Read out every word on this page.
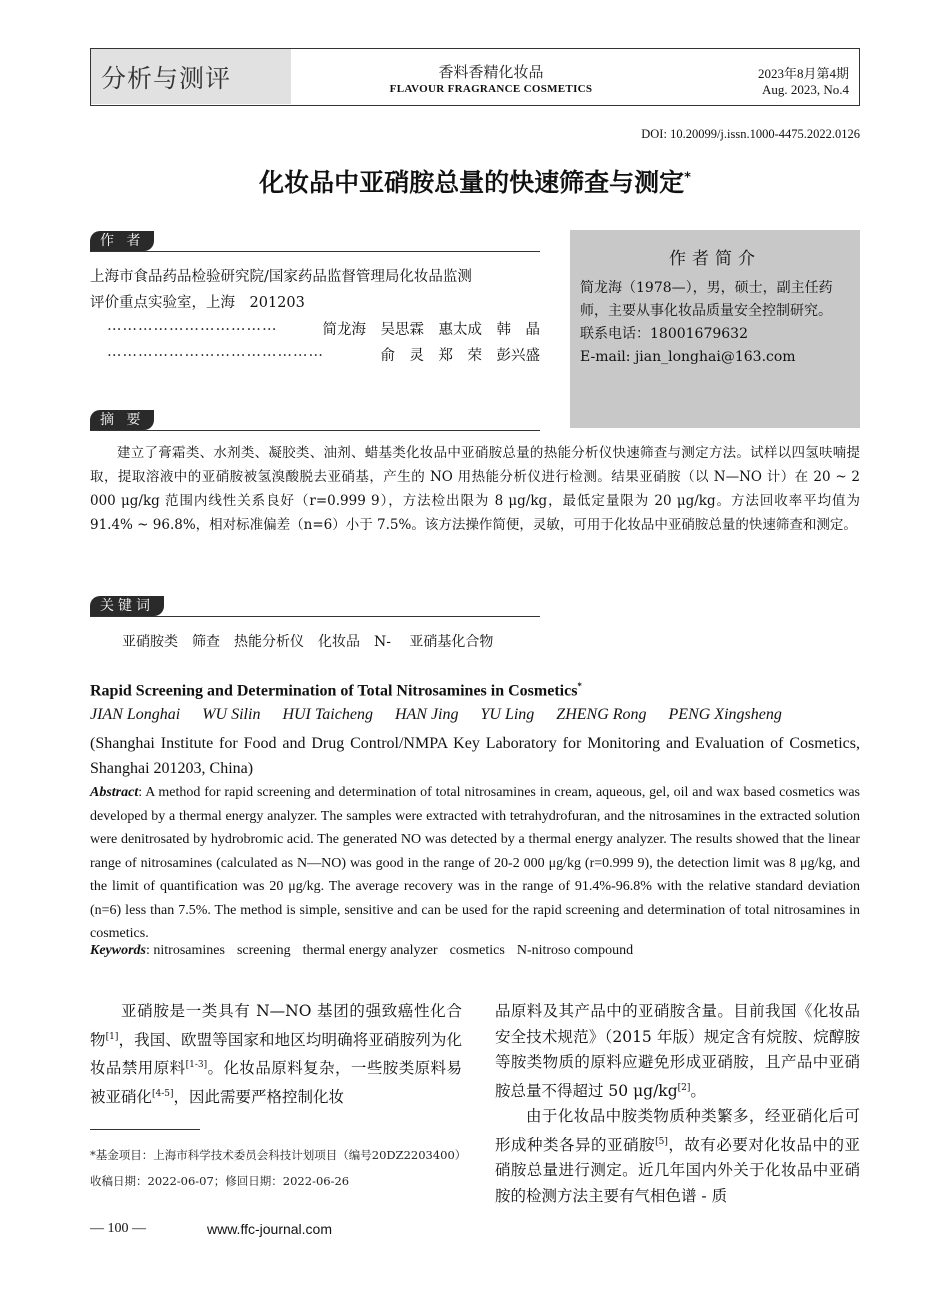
分析与测评	香料香精化妆品
FLAVOUR FRAGRANCE COSMETICS
2023年8月第4期
Aug. 2023, No.4
DOI: 10.20099/j.issn.1000-4475.2022.0126
化妆品中亚硝胺总量的快速筛查与测定*
作 者

上海市食品药品检验研究院/国家药品监督管理局化妆品监测

评价重点实验室，上海　201203

……………………………	简龙海　吴思霖　惠太成　韩　晶
……………………………………	俞　灵　郑　荣　彭兴盛
作者简介

简龙海（1978—），男，硕士，副主任药师，主要从事化妆品质量安全控制研究。

联系电话：18001679632

E-mail: jian_longhai@163.com

摘 要
建立了膏霜类、水剂类、凝胶类、油剂、蜡基类化妆品中亚硝胺总量的热能分析仪快速筛查与测定方法。试样以四氢呋喃提取，提取溶液中的亚硝胺被氢溴酸脱去亚硝基，产生的 NO 用热能分析仪进行检测。结果亚硝胺（以 N—NO 计）在 20 ~ 2 000 μg/kg 范围内线性关系良好（r=0.999 9），方法检出限为 8 μg/kg，最低定量限为 20 μg/kg。方法回收率平均值为 91.4% ~ 96.8%，相对标准偏差（n=6）小于 7.5%。该方法操作简便，灵敏，可用于化妆品中亚硝胺总量的快速筛查和测定。
关键词
亚硝胺类　筛查　热能分析仪　化妆品　N- 亚硝基化合物
Rapid Screening and Determination of Total Nitrosamines in Cosmetics*
JIAN Longhai WU Silin HUI Taicheng HAN Jing YU Ling ZHENG Rong PENG Xingsheng
(Shanghai Institute for Food and Drug Control/NMPA Key Laboratory for Monitoring and Evaluation of Cosmetics, Shanghai 201203, China)
Abstract: A method for rapid screening and determination of total nitrosamines in cream, aqueous, gel, oil and wax based cosmetics was developed by a thermal energy analyzer. The samples were extracted with tetrahydrofuran, and the nitrosamines in the extracted solution were denitrosated by hydrobromic acid. The generated NO was detected by a thermal energy analyzer. The results showed that the linear range of nitrosamines (calculated as N—NO) was good in the range of 20-2 000 μg/kg (r=0.999 9), the detection limit was 8 μg/kg, and the limit of quantification was 20 μg/kg. The average recovery was in the range of 91.4%-96.8% with the relative standard deviation (n=6) less than 7.5%. The method is simple, sensitive and can be used for the rapid screening and determination of total nitrosamines in cosmetics.
Keywords: nitrosamines screening thermal energy analyzer cosmetics N-nitroso compound

亚硝胺是一类具有 N—NO 基团的强致癌性化合物[1]，我国、欧盟等国家和地区均明确将亚硝胺列为化妆品禁用原料[1-3]。化妆品原料复杂，一些胺类原料易被亚硝化[4-5]，因此需要严格控制化妆

品原料及其产品中的亚硝胺含量。目前我国《化妆品安全技术规范》（2015 年版）规定含有烷胺、烷醇胺等胺类物质的原料应避免形成亚硝胺，且产品中亚硝胺总量不得超过 50 μg/kg[2]。

由于化妆品中胺类物质种类繁多，经亚硝化后可形成种类各异的亚硝胺[5]，故有必要对化妆品中的亚硝胺总量进行测定。近几年国内外关于化妆品中亚硝胺的检测方法主要有气相色谱 - 质

*基金项目：上海市科学技术委员会科技计划项目（编号20DZ2203400）

收稿日期：2022-06-07；修回日期：2022-06-26

— 100 —	www.ffc-journal.com
